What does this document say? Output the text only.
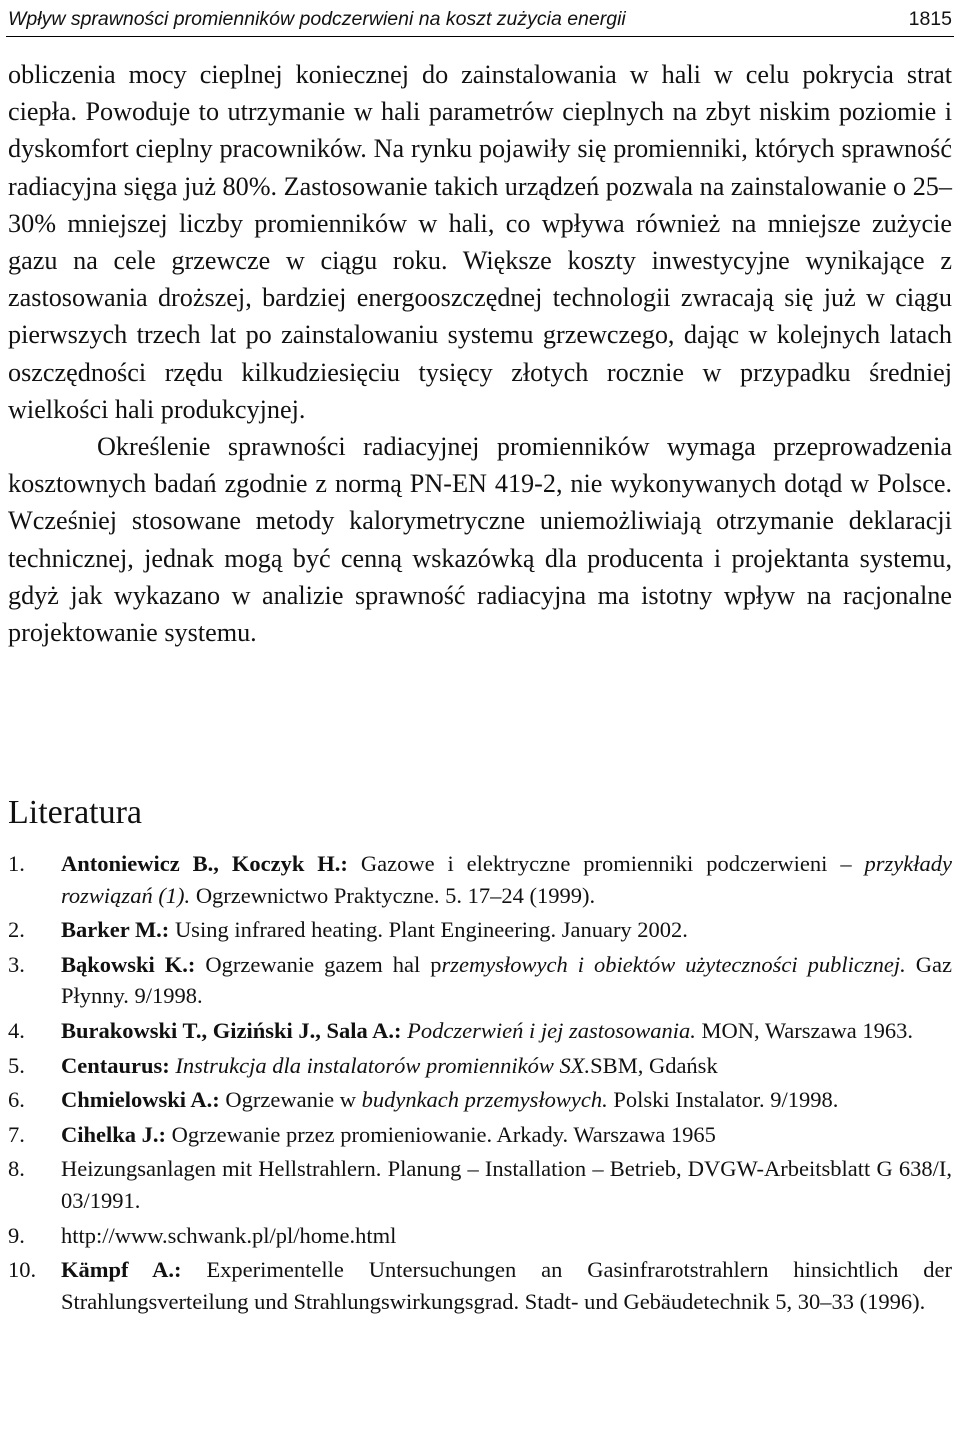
Wpływ sprawności promienników podczerwieni na koszt zużycia energii	1815

obliczenia mocy cieplnej koniecznej do zainstalowania w hali w celu pokrycia strat ciepła. Powoduje to utrzymanie w hali parametrów cieplnych na zbyt niskim poziomie i dyskomfort cieplny pracowników. Na rynku pojawiły się promienniki, których sprawność radiacyjna sięga już 80%. Zastosowanie takich urządzeń pozwala na zainstalowanie o 25–30% mniejszej liczby promienników w hali, co wpływa również na mniejsze zużycie gazu na cele grzewcze w ciągu roku. Większe koszty inwestycyjne wynikające z zastosowania droższej, bardziej energooszczędnej technologii zwracają się już w ciągu pierwszych trzech lat po zainstalowaniu systemu grzewczego, dając w kolejnych latach oszczędności rzędu kilkudziesięciu tysięcy złotych rocznie w przypadku średniej wielkości hali produkcyjnej.

Określenie sprawności radiacyjnej promienników wymaga przeprowadzenia kosztownych badań zgodnie z normą PN-EN 419-2, nie wykonywanych dotąd w Polsce. Wcześniej stosowane metody kalorymetryczne uniemożliwiają otrzymanie deklaracji technicznej, jednak mogą być cenną wskazówką dla producenta i projektanta systemu, gdyż jak wykazano w analizie sprawność radiacyjna ma istotny wpływ na racjonalne projektowanie systemu.

Literatura
1. Antoniewicz B., Koczyk H.: Gazowe i elektryczne promienniki podczerwieni – przykłady rozwiązań (1). Ogrzewnictwo Praktyczne. 5. 17–24 (1999).
2. Barker M.: Using infrared heating. Plant Engineering. January 2002.
3. Bąkowski K.: Ogrzewanie gazem hal przemysłowych i obiektów użyteczności publicznej. Gaz Płynny. 9/1998.
4. Burakowski T., Giziński J., Sala A.: Podczerwień i jej zastosowania. MON, Warszawa 1963.
5. Centaurus: Instrukcja dla instalatorów promienników SX.SBM, Gdańsk
6. Chmielowski A.: Ogrzewanie w budynkach przemysłowych. Polski Instalator. 9/1998.
7. Cihelka J.: Ogrzewanie przez promieniowanie. Arkady. Warszawa 1965
8. Heizungsanlagen mit Hellstrahlern. Planung – Installation – Betrieb, DVGW-Arbeitsblatt G 638/I, 03/1991.
9. http://www.schwank.pl/pl/home.html
10. Kämpf A.: Experimentelle Untersuchungen an Gasinfrarotstrahlern hinsichtlich der Strahlungsverteilung und Strahlungswirkungsgrad. Stadt- und Gebäudetechnik 5, 30–33 (1996).
